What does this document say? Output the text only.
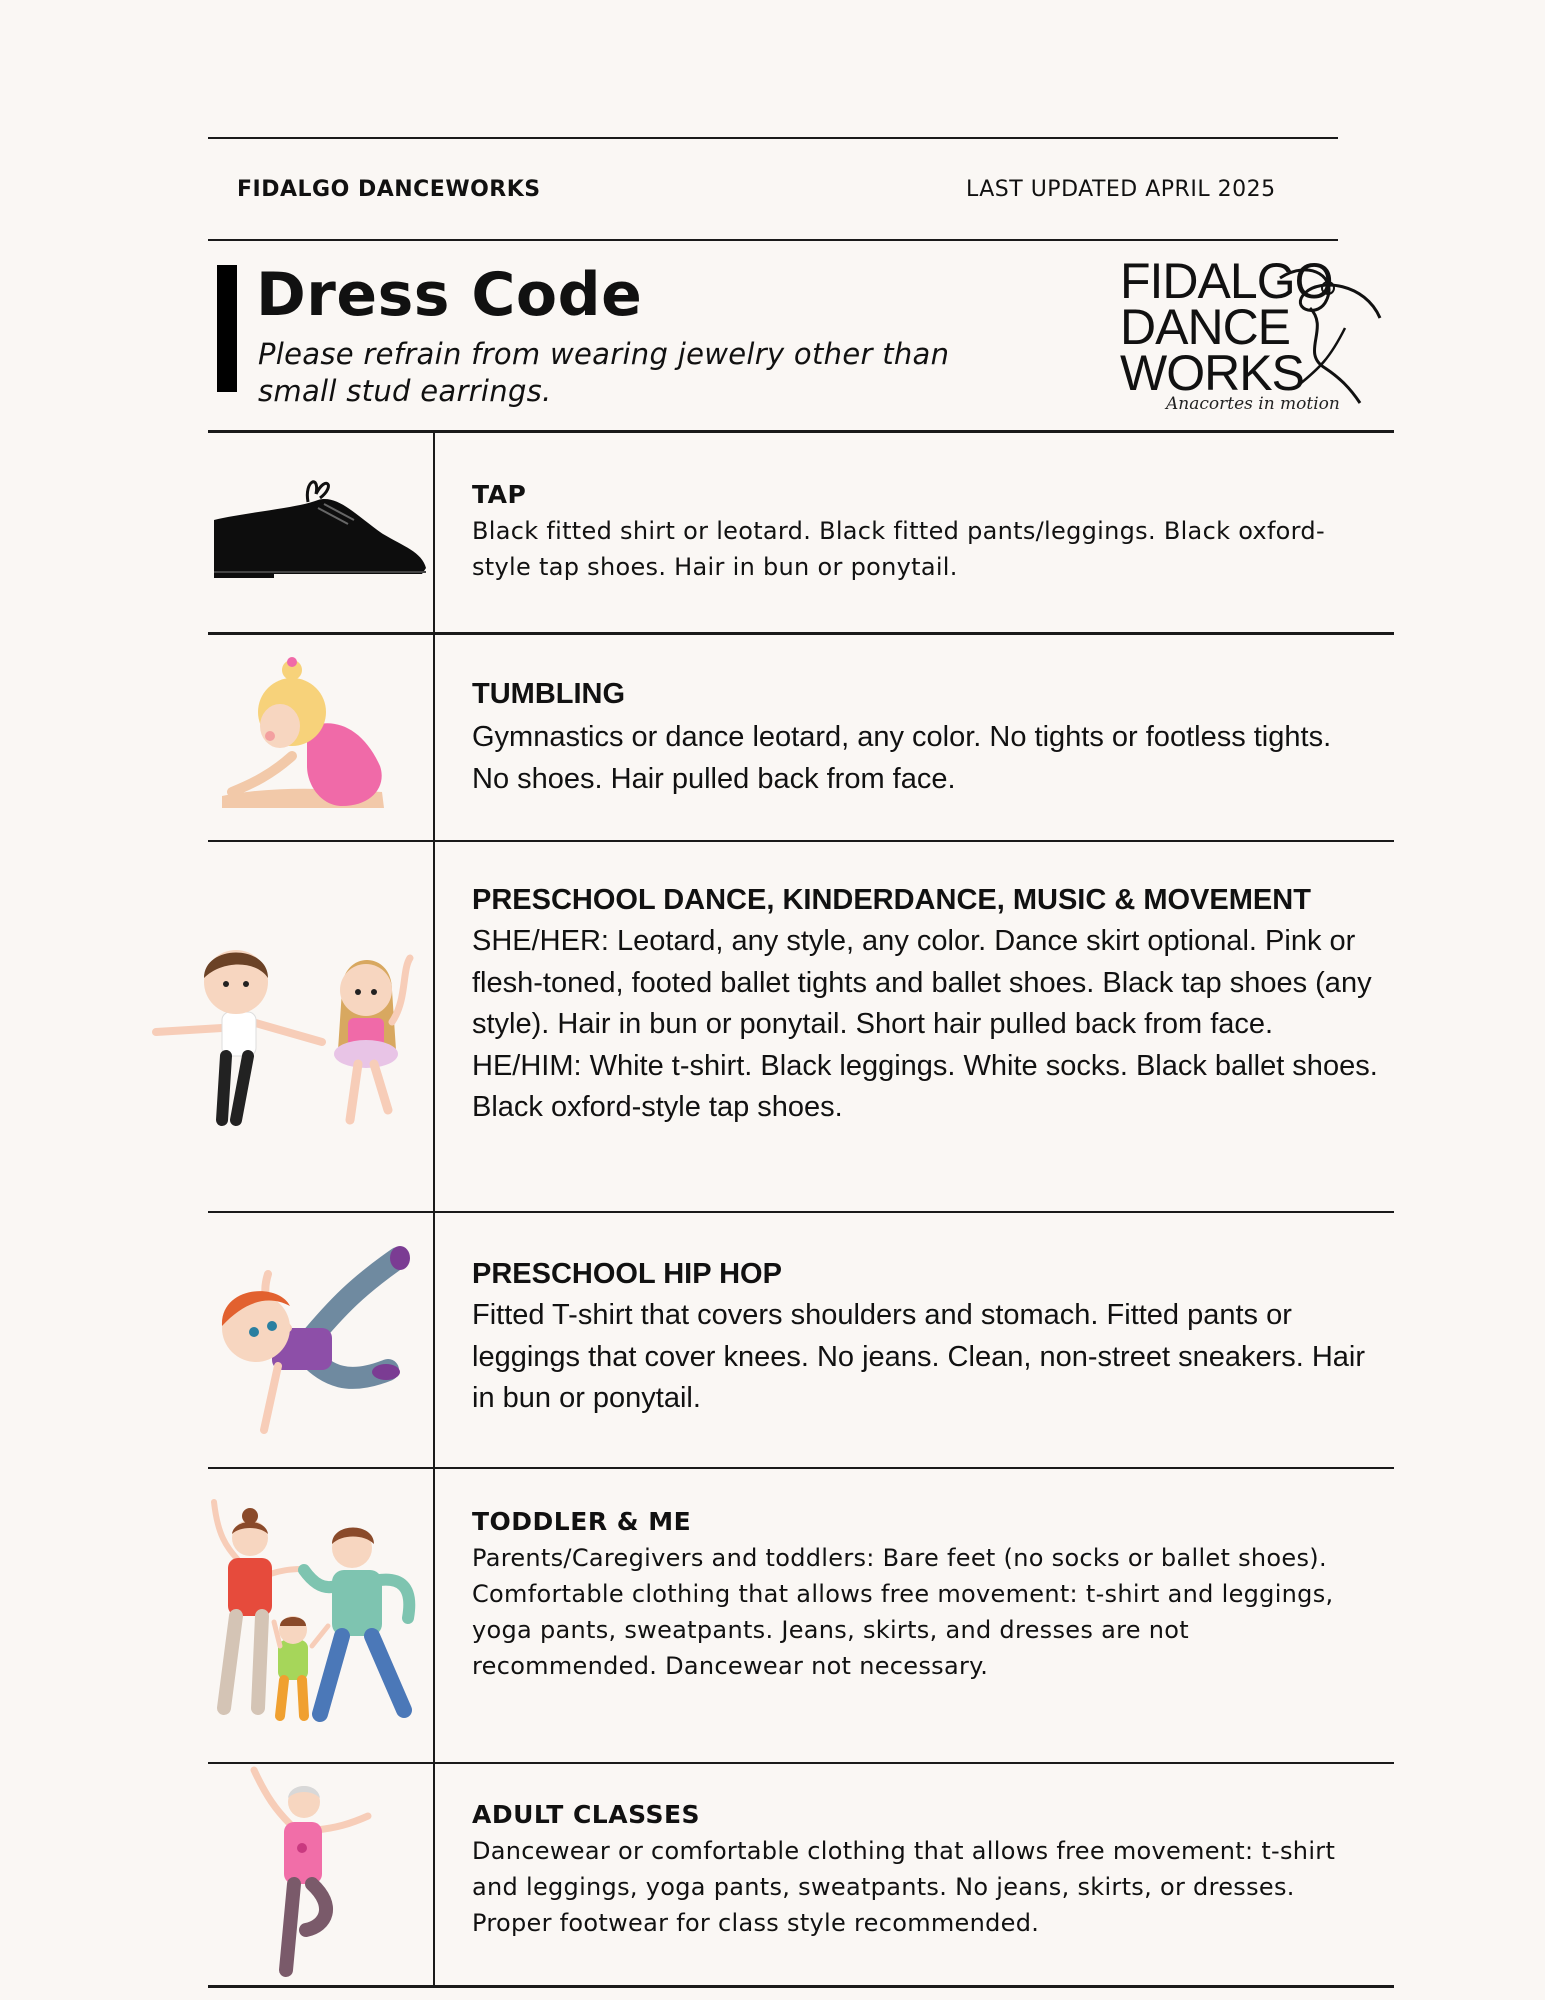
FIDALGO DANCEWORKS	LAST UPDATED APRIL 2025
Dress Code
Please refrain from wearing jewelry other than small stud earrings.
FIDALGO
DANCE
WORKS
Anacortes in motion
TAP
Black fitted shirt or leotard. Black fitted pants/leggings. Black oxford-style tap shoes. Hair in bun or ponytail.
TUMBLING
Gymnastics or dance leotard, any color. No tights or footless tights. No shoes. Hair pulled back from face.
PRESCHOOL DANCE, KINDERDANCE, MUSIC & MOVEMENT
SHE/HER: Leotard, any style, any color. Dance skirt optional. Pink or flesh-toned, footed ballet tights and ballet shoes. Black tap shoes (any style). Hair in bun or ponytail. Short hair pulled back from face.
HE/HIM: White t-shirt. Black leggings. White socks. Black ballet shoes. Black oxford-style tap shoes.
PRESCHOOL HIP HOP
Fitted T-shirt that covers shoulders and stomach. Fitted pants or leggings that cover knees. No jeans. Clean, non-street sneakers. Hair in bun or ponytail.
TODDLER & ME
Parents/Caregivers and toddlers: Bare feet (no socks or ballet shoes). Comfortable clothing that allows free movement: t-shirt and leggings, yoga pants, sweatpants. Jeans, skirts, and dresses are not recommended. Dancewear not necessary.
ADULT CLASSES
Dancewear or comfortable clothing that allows free movement: t-shirt and leggings, yoga pants, sweatpants. No jeans, skirts, or dresses. Proper footwear for class style recommended.
